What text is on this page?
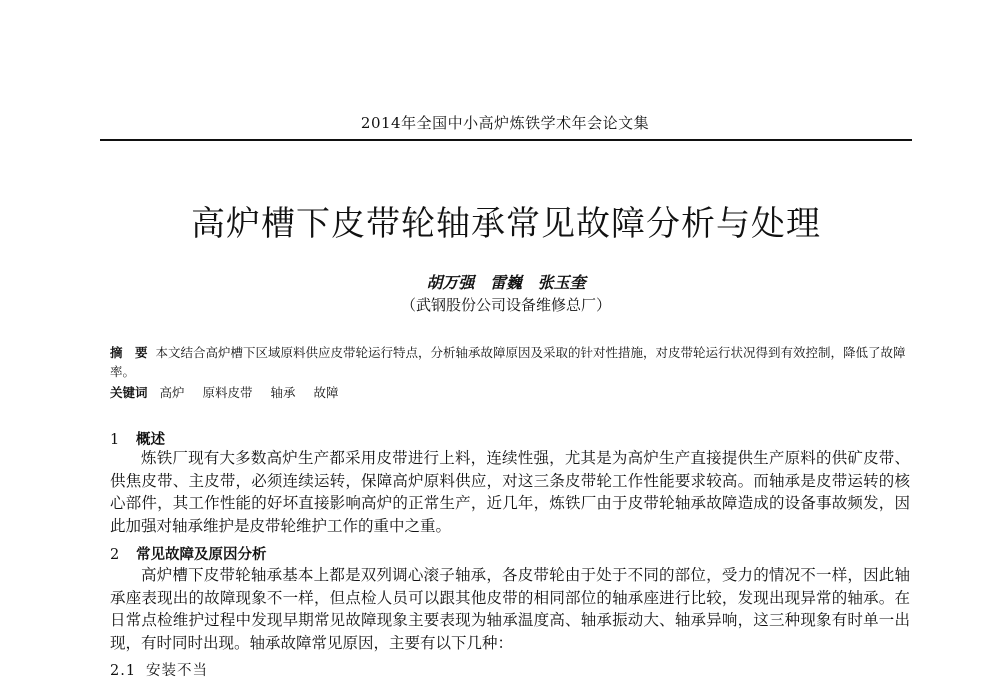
2014年全国中小高炉炼铁学术年会论文集
高炉槽下皮带轮轴承常见故障分析与处理
胡万强 雷巍 张玉奎
（武钢股份公司设备维修总厂）
摘　要 本文结合高炉槽下区域原料供应皮带轮运行特点，分析轴承故障原因及采取的针对性措施，对皮带轮运行状况得到有效控制，降低了故障率。
关键词 高炉 原料皮带 轴承 故障
1 概述
炼铁厂现有大多数高炉生产都采用皮带进行上料，连续性强，尤其是为高炉生产直接提供生产原料的供矿皮带、供焦皮带、主皮带，必须连续运转，保障高炉原料供应，对这三条皮带轮工作性能要求较高。而轴承是皮带运转的核心部件，其工作性能的好坏直接影响高炉的正常生产，近几年，炼铁厂由于皮带轮轴承故障造成的设备事故频发，因此加强对轴承维护是皮带轮维护工作的重中之重。
2 常见故障及原因分析
高炉槽下皮带轮轴承基本上都是双列调心滚子轴承，各皮带轮由于处于不同的部位，受力的情况不一样，因此轴承座表现出的故障现象不一样，但点检人员可以跟其他皮带的相同部位的轴承座进行比较，发现出现异常的轴承。在日常点检维护过程中发现早期常见故障现象主要表现为轴承温度高、轴承振动大、轴承异响，这三种现象有时单一出现，有时同时出现。轴承故障常见原因，主要有以下几种：
2.1 安装不当
